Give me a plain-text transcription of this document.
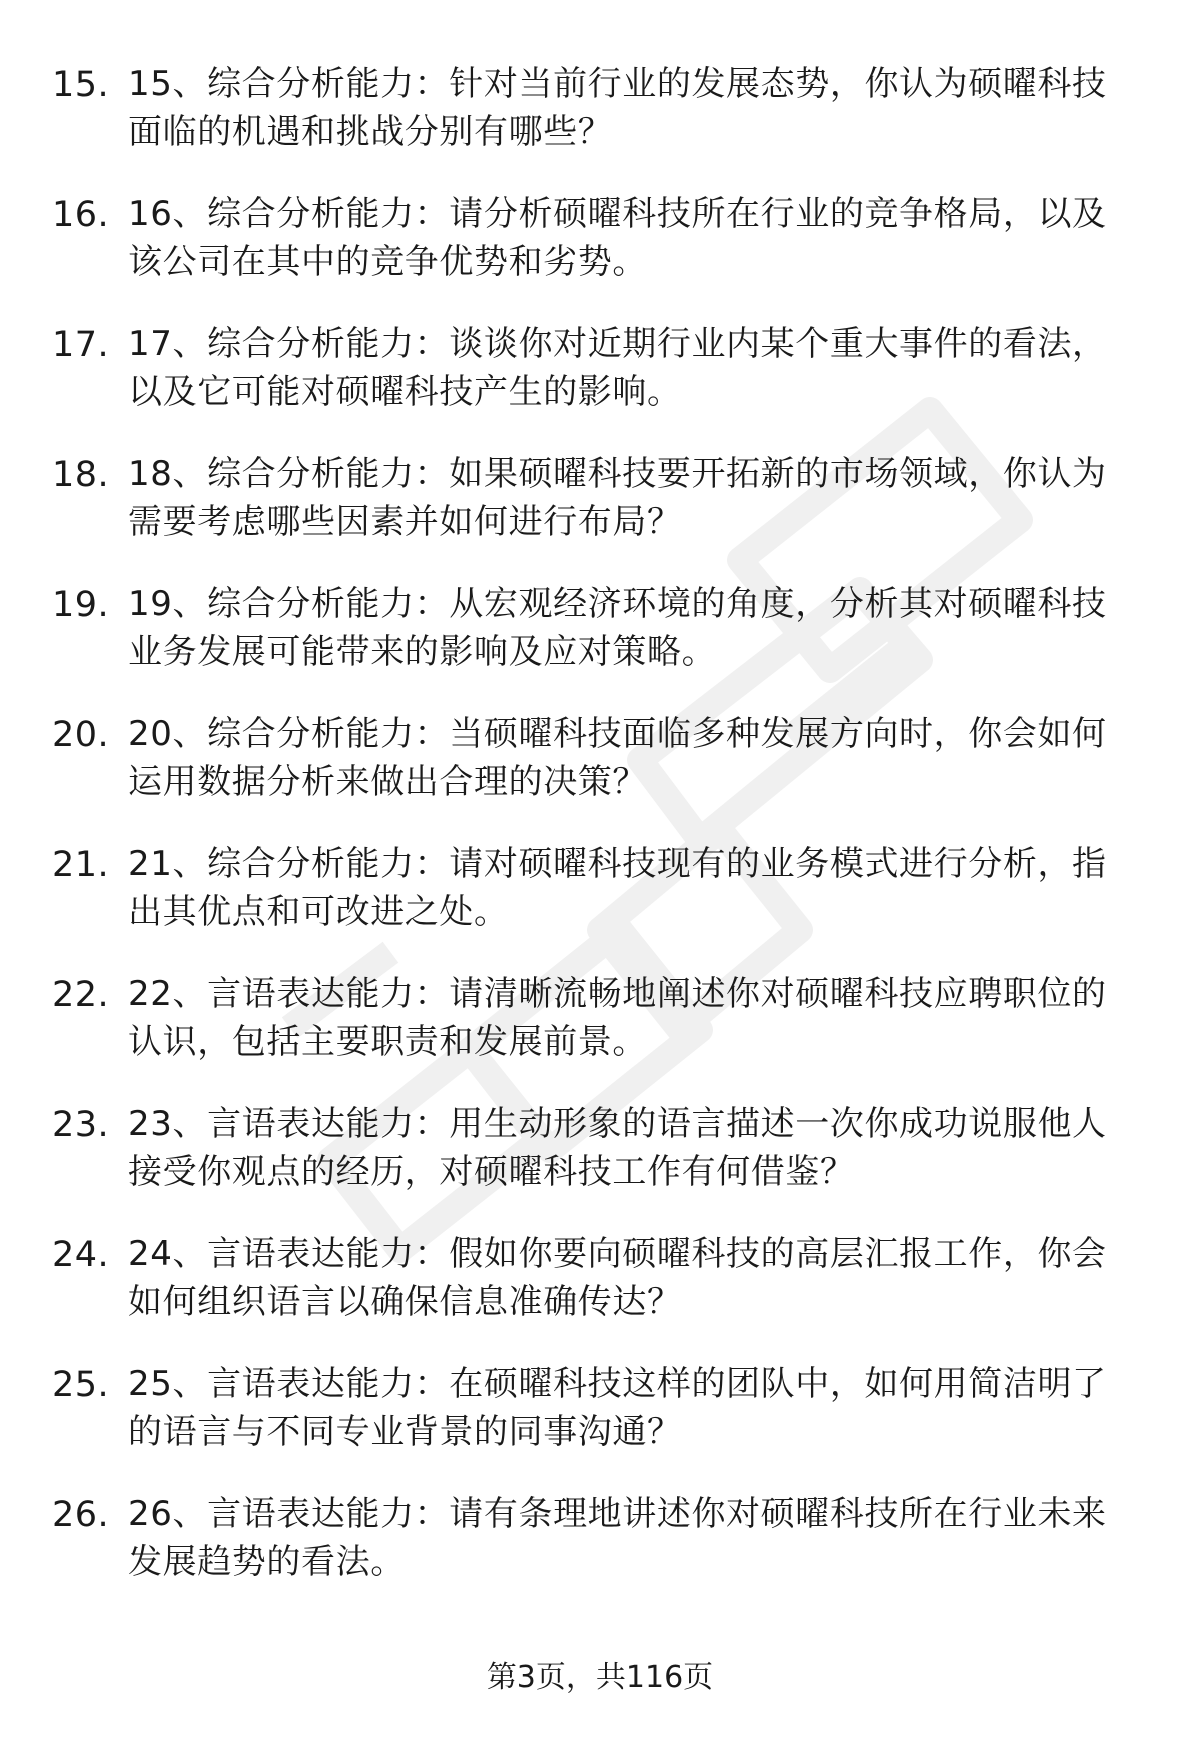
15. 15、综合分析能力：针对当前行业的发展态势，你认为硕曜科技
面临的机遇和挑战分别有哪些？
16. 16、综合分析能力：请分析硕曜科技所在行业的竞争格局，以及
该公司在其中的竞争优势和劣势。
17. 17、综合分析能力：谈谈你对近期行业内某个重大事件的看法，
以及它可能对硕曜科技产生的影响。
18. 18、综合分析能力：如果硕曜科技要开拓新的市场领域，你认为
需要考虑哪些因素并如何进行布局？
19. 19、综合分析能力：从宏观经济环境的角度，分析其对硕曜科技
业务发展可能带来的影响及应对策略。
20. 20、综合分析能力：当硕曜科技面临多种发展方向时，你会如何
运用数据分析来做出合理的决策？
21. 21、综合分析能力：请对硕曜科技现有的业务模式进行分析，指
出其优点和可改进之处。
22. 22、言语表达能力：请清晰流畅地阐述你对硕曜科技应聘职位的
认识，包括主要职责和发展前景。
23. 23、言语表达能力：用生动形象的语言描述一次你成功说服他人
接受你观点的经历，对硕曜科技工作有何借鉴？
24. 24、言语表达能力：假如你要向硕曜科技的高层汇报工作，你会
如何组织语言以确保信息准确传达？
25. 25、言语表达能力：在硕曜科技这样的团队中，如何用简洁明了
的语言与不同专业背景的同事沟通？
26. 26、言语表达能力：请有条理地讲述你对硕曜科技所在行业未来
发展趋势的看法。
第3页，共116页
